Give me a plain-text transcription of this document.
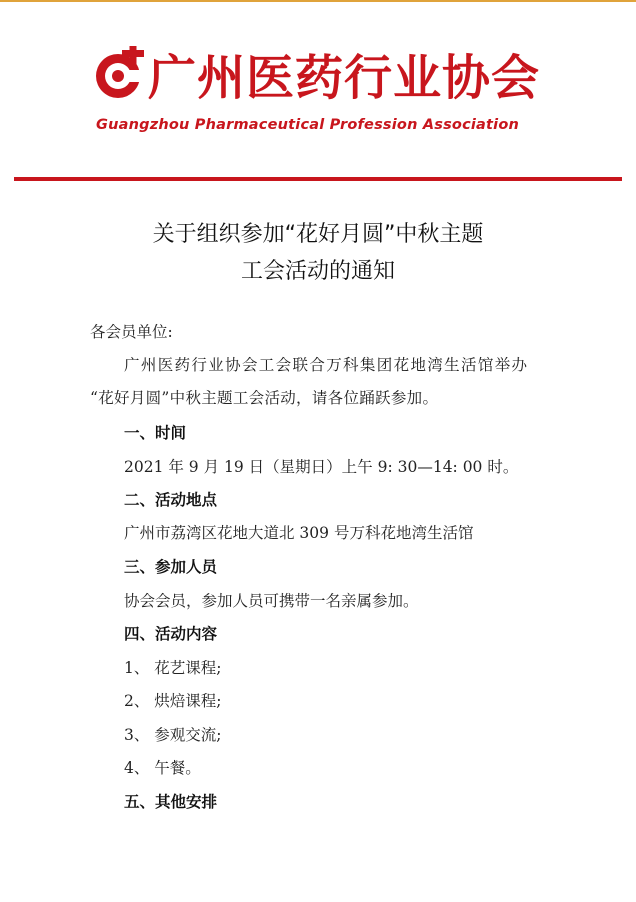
广州医药行业协会
Guangzhou Pharmaceutical Profession Association
关于组织参加“花好月圆”中秋主题
工会活动的通知
各会员单位:
广州医药行业协会工会联合万科集团花地湾生活馆举办
“花好月圆”中秋主题工会活动，请各位踊跃参加。
一、时间
2021 年 9 月 19 日（星期日）上午 9: 30—14: 00 时。
二、活动地点
广州市荔湾区花地大道北 309 号万科花地湾生活馆
三、参加人员
协会会员，参加人员可携带一名亲属参加。
四、活动内容
1、 花艺课程;
2、 烘焙课程;
3、 参观交流;
4、 午餐。
五、其他安排
